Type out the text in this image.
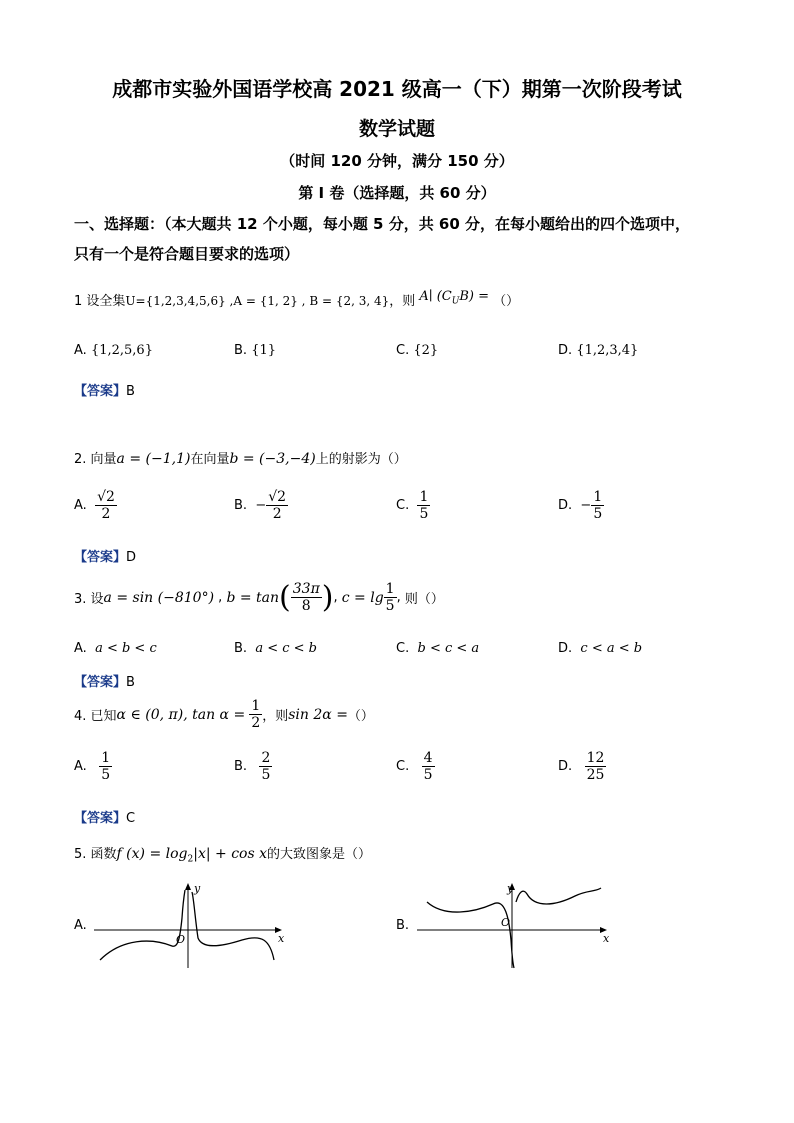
成都市实验外国语学校高 2021 级高一（下）期第一次阶段考试
数学试题
（时间 120 分钟，满分 150 分）
第 I 卷（选择题，共 60 分）
一、选择题：（本大题共 12 个小题，每小题 5 分，共 60 分，在每小题给出的四个选项中，
只有一个是符合题目要求的选项）
1 设全集U={1,2,3,4,5,6} ,A = {1, 2} , B = {2, 3, 4}，则 A∣ $(C_UB)$ = （）
A. {1,2,5,6}	B. {1}	C. {2}	D. {1,2,3,4}
【答案】B
2. 向量a = (−1,1)在向量b = (−3,−4)上的射影为（）
A.
$\frac{√2}{2}$	B.
− $\frac{√2}{2}$	C.
$\frac{1}{5}$	D.
− $\frac{1}{5}$
【答案】D
3. 设 a = sin (−810°) , b = tan ( $\frac{33\pi}{8}$ ) , $c = \lg \frac{1}{5}$ , 则（）
A. a < b < c	B. a < c < b	C. b < c < a	D. c < a < b
【答案】B
4. 已知 α ∈ (0, π), tan α =
$\frac{1}{2}$ ，则 sin 2α = （）
A.
$\frac{1}{5}$	B.
$\frac{2}{5}$	C.
$\frac{4}{5}$	D.
$\frac{12}{25}$
【答案】C
5. 函数f $(x) = \log_2|x| + \cos x$的大致图象是（）
A.
y
O	x
B.
y
O
x
